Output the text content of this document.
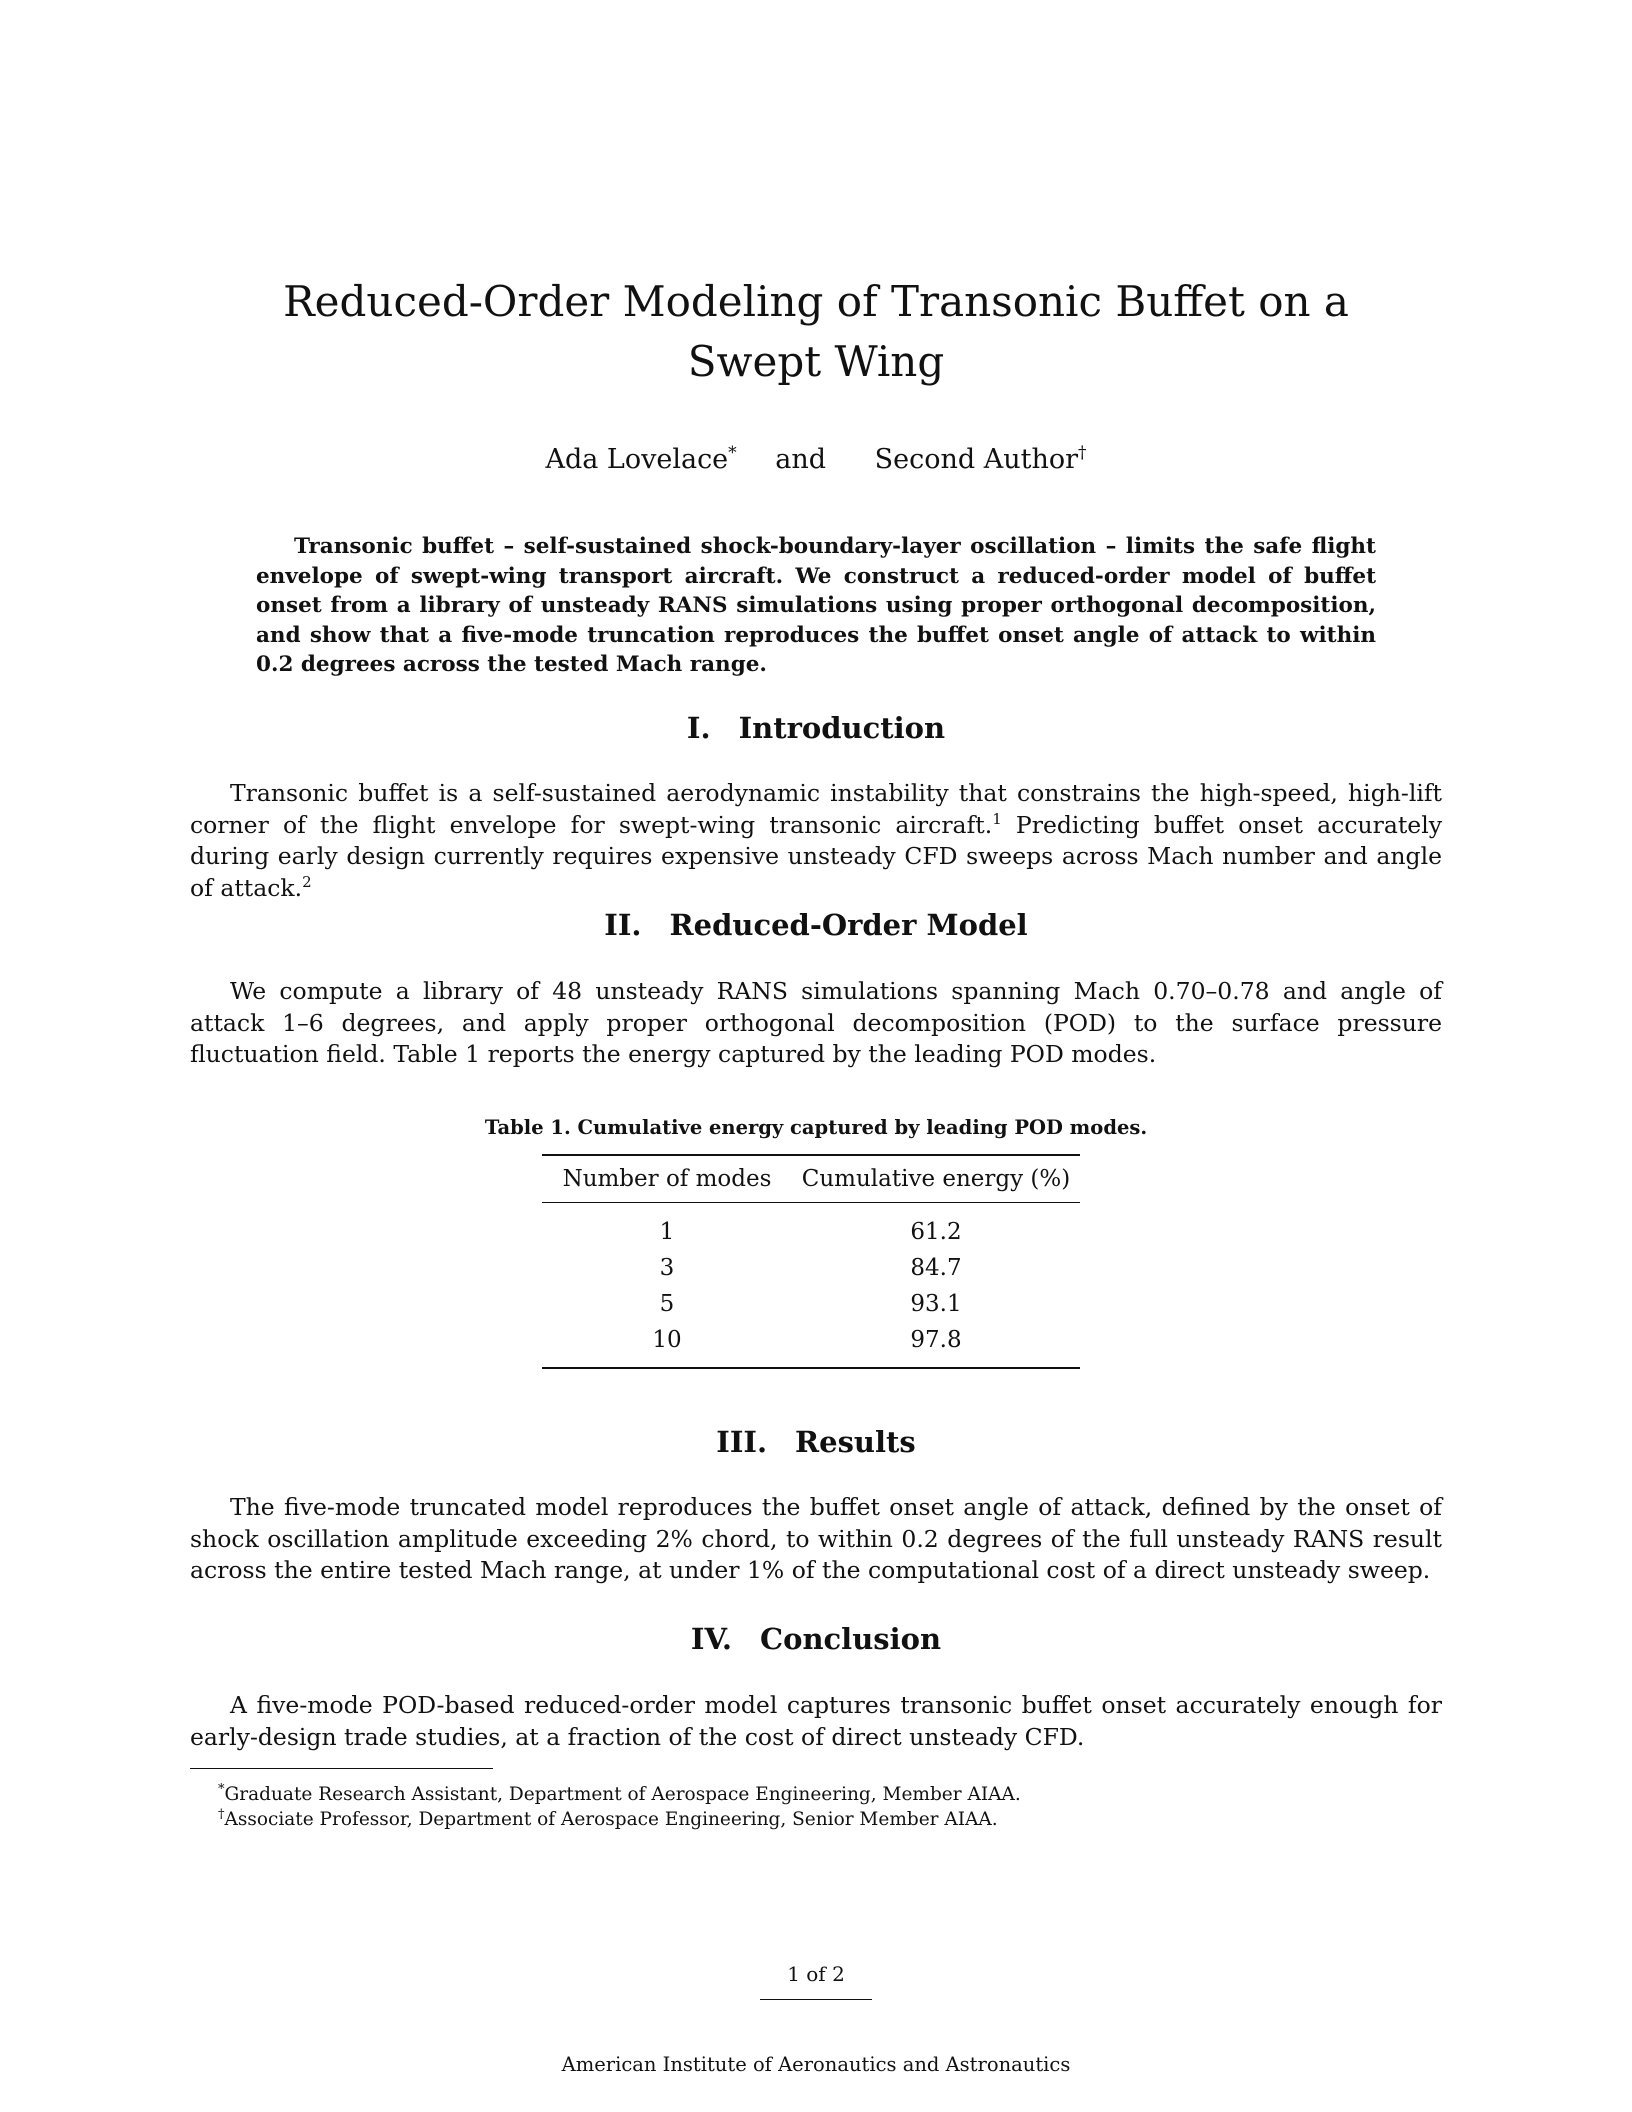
Reduced-Order Modeling of Transonic Buffet on a
Swept Wing
Ada Lovelace* and Second Author†

Transonic buffet – self-sustained shock-boundary-layer oscillation – limits the safe flight envelope of swept-wing transport aircraft. We construct a reduced-order model of buffet onset from a library of unsteady RANS simulations using proper orthogonal decomposition, and show that a five-mode truncation reproduces the buffet onset angle of attack to within 0.2 degrees across the tested Mach range.

I. Introduction

Transonic buffet is a self-sustained aerodynamic instability that constrains the high-speed, high-lift corner of the flight envelope for swept-wing transonic aircraft.$^1$ Predicting buffet onset accurately during early design currently requires expensive unsteady CFD sweeps across Mach number and angle of attack.$^2$

II. Reduced-Order Model

We compute a library of 48 unsteady RANS simulations spanning Mach 0.70–0.78 and angle of attack 1–6 degrees, and apply proper orthogonal decomposition (POD) to the surface pressure fluctuation field. Table 1 reports the energy captured by the leading POD modes.

Table 1. Cumulative energy captured by leading POD modes.
Number of modes	Cumulative energy (%)
1	61.2
3	84.7
5	93.1
10	97.8
III. Results

The five-mode truncated model reproduces the buffet onset angle of attack, defined by the onset of shock oscillation amplitude exceeding 2% chord, to within 0.2 degrees of the full unsteady RANS result across the entire tested Mach range, at under 1% of the computational cost of a direct unsteady sweep.

IV. Conclusion

A five-mode POD-based reduced-order model captures transonic buffet onset accurately enough for early-design trade studies, at a fraction of the cost of direct unsteady CFD.

*Graduate Research Assistant, Department of Aerospace Engineering, Member AIAA.
†Associate Professor, Department of Aerospace Engineering, Senior Member AIAA.
1 of 2
American Institute of Aeronautics and Astronautics
